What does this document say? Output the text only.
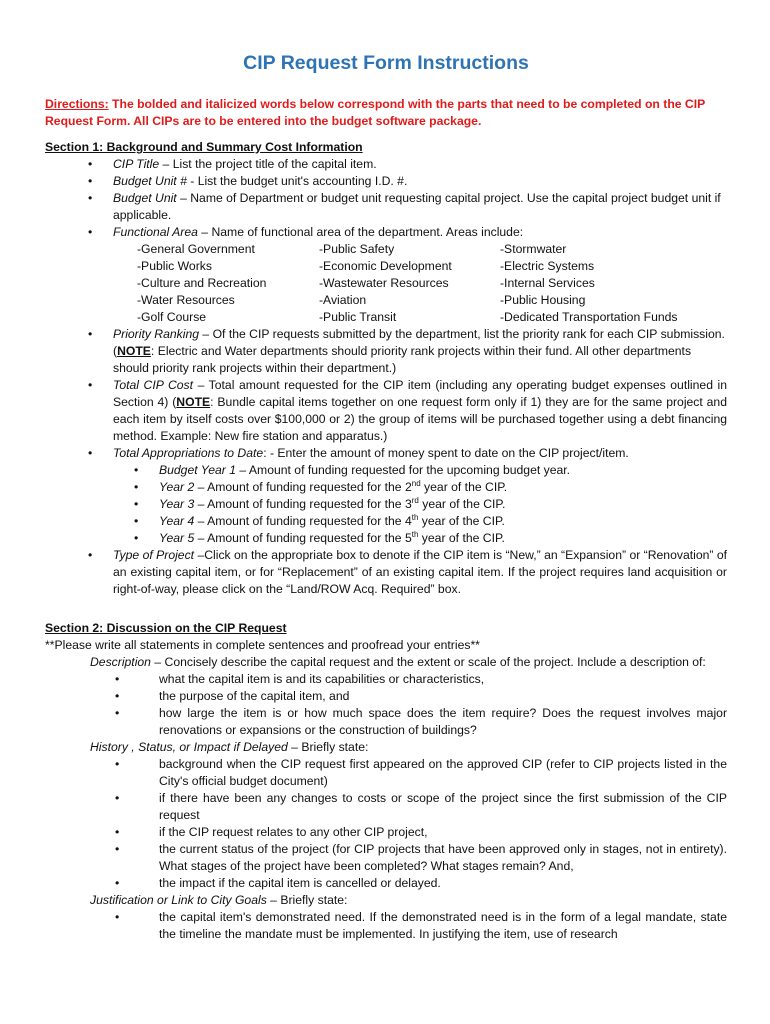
CIP Request Form Instructions
Directions: The bolded and italicized words below correspond with the parts that need to be completed on the CIP Request Form. All CIPs are to be entered into the budget software package.
Section 1: Background and Summary Cost Information
• CIP Title – List the project title of the capital item.
• Budget Unit # - List the budget unit's accounting I.D. #.
• Budget Unit – Name of Department or budget unit requesting capital project. Use the capital project budget unit if applicable.
• Functional Area – Name of functional area of the department. Areas include:
-General Government	-Public Safety	-Stormwater
-Public Works	-Economic Development	-Electric Systems
-Culture and Recreation	-Wastewater Resources	-Internal Services
-Water Resources	-Aviation	-Public Housing
-Golf Course	-Public Transit	-Dedicated Transportation Funds
• Priority Ranking – Of the CIP requests submitted by the department, list the priority rank for each CIP submission. (NOTE: Electric and Water departments should priority rank projects within their fund. All other departments should priority rank projects within their department.)
• Total CIP Cost – Total amount requested for the CIP item (including any operating budget expenses outlined in Section 4) (NOTE: Bundle capital items together on one request form only if 1) they are for the same project and each item by itself costs over $100,000 or 2) the group of items will be purchased together using a debt financing method. Example: New fire station and apparatus.)
• Total Appropriations to Date: - Enter the amount of money spent to date on the CIP project/item.
• Budget Year 1 – Amount of funding requested for the upcoming budget year.
• Year 2 – Amount of funding requested for the 2nd year of the CIP.
• Year 3 – Amount of funding requested for the 3rd year of the CIP.
• Year 4 – Amount of funding requested for the 4th year of the CIP.
• Year 5 – Amount of funding requested for the 5th year of the CIP.
• Type of Project –Click on the appropriate box to denote if the CIP item is “New,” an “Expansion” or “Renovation” of an existing capital item, or for “Replacement” of an existing capital item. If the project requires land acquisition or right-of-way, please click on the “Land/ROW Acq. Required” box.
Section 2: Discussion on the CIP Request
**Please write all statements in complete sentences and proofread your entries**
Description – Concisely describe the capital request and the extent or scale of the project. Include a description of:
•	what the capital item is and its capabilities or characteristics,
•	the purpose of the capital item, and
•	how large the item is or how much space does the item require? Does the request involves major renovations or expansions or the construction of buildings?
History , Status, or Impact if Delayed – Briefly state:
•	background when the CIP request first appeared on the approved CIP (refer to CIP projects listed in the City's official budget document)
•	if there have been any changes to costs or scope of the project since the first submission of the CIP request
•	if the CIP request relates to any other CIP project,
•	the current status of the project (for CIP projects that have been approved only in stages, not in entirety). What stages of the project have been completed? What stages remain? And,
•	the impact if the capital item is cancelled or delayed.
Justification or Link to City Goals – Briefly state:
•	the capital item's demonstrated need. If the demonstrated need is in the form of a legal mandate, state the timeline the mandate must be implemented. In justifying the item, use of research
